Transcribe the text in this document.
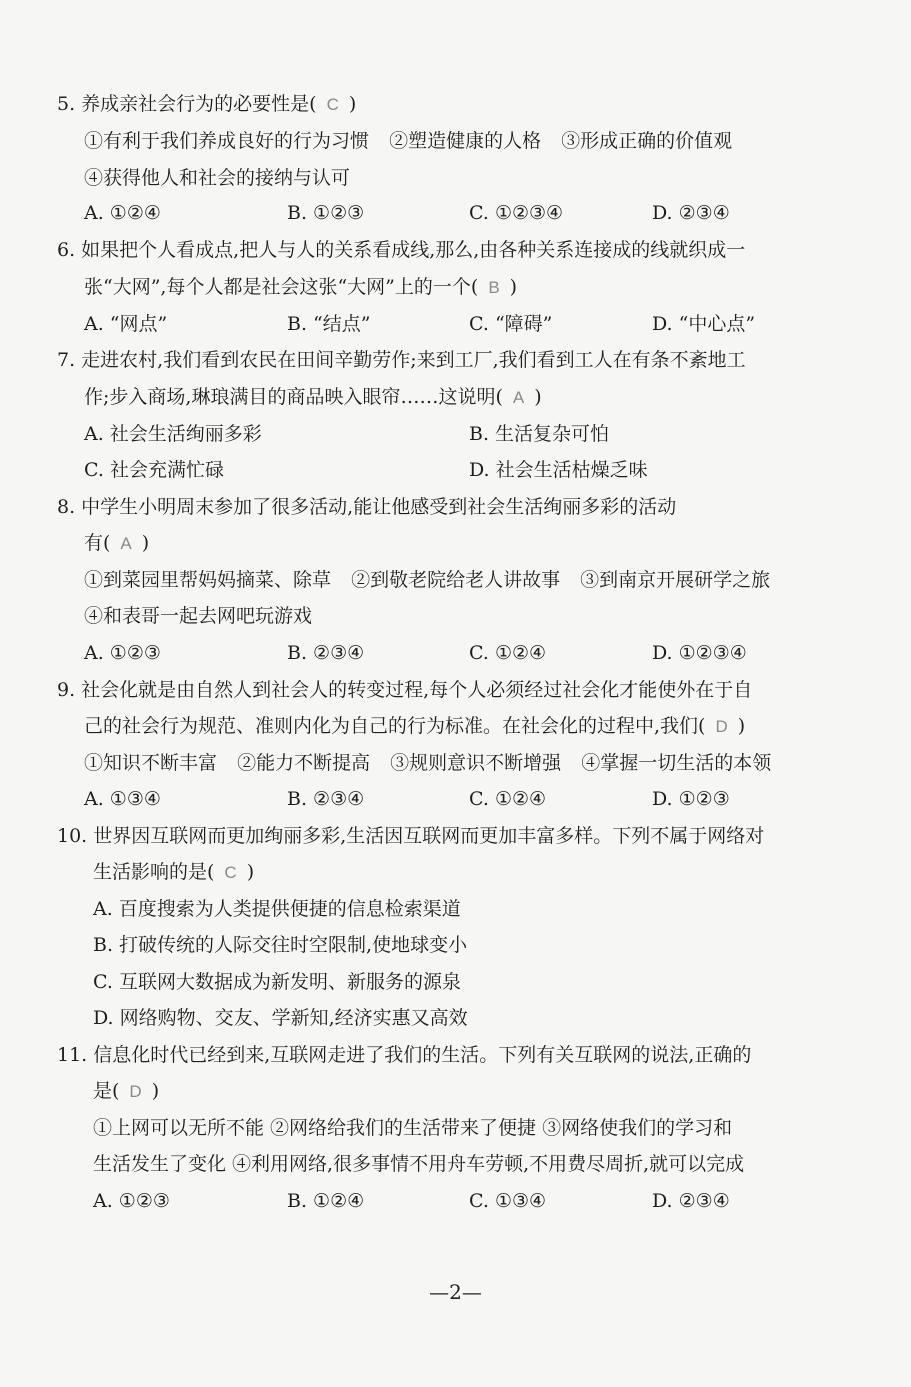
5. 养成亲社会行为的必要性是( C )
①有利于我们养成良好的行为习惯 ②塑造健康的人格 ③形成正确的价值观
④获得他人和社会的接纳与认可
A. ①②④	B. ①②③	C. ①②③④	D. ②③④
6. 如果把个人看成点,把人与人的关系看成线,那么,由各种关系连接成的线就织成一
张“大网”,每个人都是社会这张“大网”上的一个( B )
A. “网点”	B. “结点”	C. “障碍”	D. “中心点”
7. 走进农村,我们看到农民在田间辛勤劳作;来到工厂,我们看到工人在有条不紊地工
作;步入商场,琳琅满目的商品映入眼帘……这说明( A )
A. 社会生活绚丽多彩	B. 生活复杂可怕
C. 社会充满忙碌	D. 社会生活枯燥乏味
8. 中学生小明周末参加了很多活动,能让他感受到社会生活绚丽多彩的活动
有( A )
①到菜园里帮妈妈摘菜、除草 ②到敬老院给老人讲故事 ③到南京开展研学之旅
④和表哥一起去网吧玩游戏
A. ①②③	B. ②③④	C. ①②④	D. ①②③④
9. 社会化就是由自然人到社会人的转变过程,每个人必须经过社会化才能使外在于自
己的社会行为规范、准则内化为自己的行为标准。在社会化的过程中,我们( D )
①知识不断丰富 ②能力不断提高 ③规则意识不断增强 ④掌握一切生活的本领
A. ①③④	B. ②③④	C. ①②④	D. ①②③
10. 世界因互联网而更加绚丽多彩,生活因互联网而更加丰富多样。下列不属于网络对
生活影响的是( C )
A. 百度搜索为人类提供便捷的信息检索渠道
B. 打破传统的人际交往时空限制,使地球变小
C. 互联网大数据成为新发明、新服务的源泉
D. 网络购物、交友、学新知,经济实惠又高效
11. 信息化时代已经到来,互联网走进了我们的生活。下列有关互联网的说法,正确的
是( D )
①上网可以无所不能 ②网络给我们的生活带来了便捷 ③网络使我们的学习和
生活发生了变化 ④利用网络,很多事情不用舟车劳顿,不用费尽周折,就可以完成
A. ①②③	B. ①②④	C. ①③④	D. ②③④
—2—
